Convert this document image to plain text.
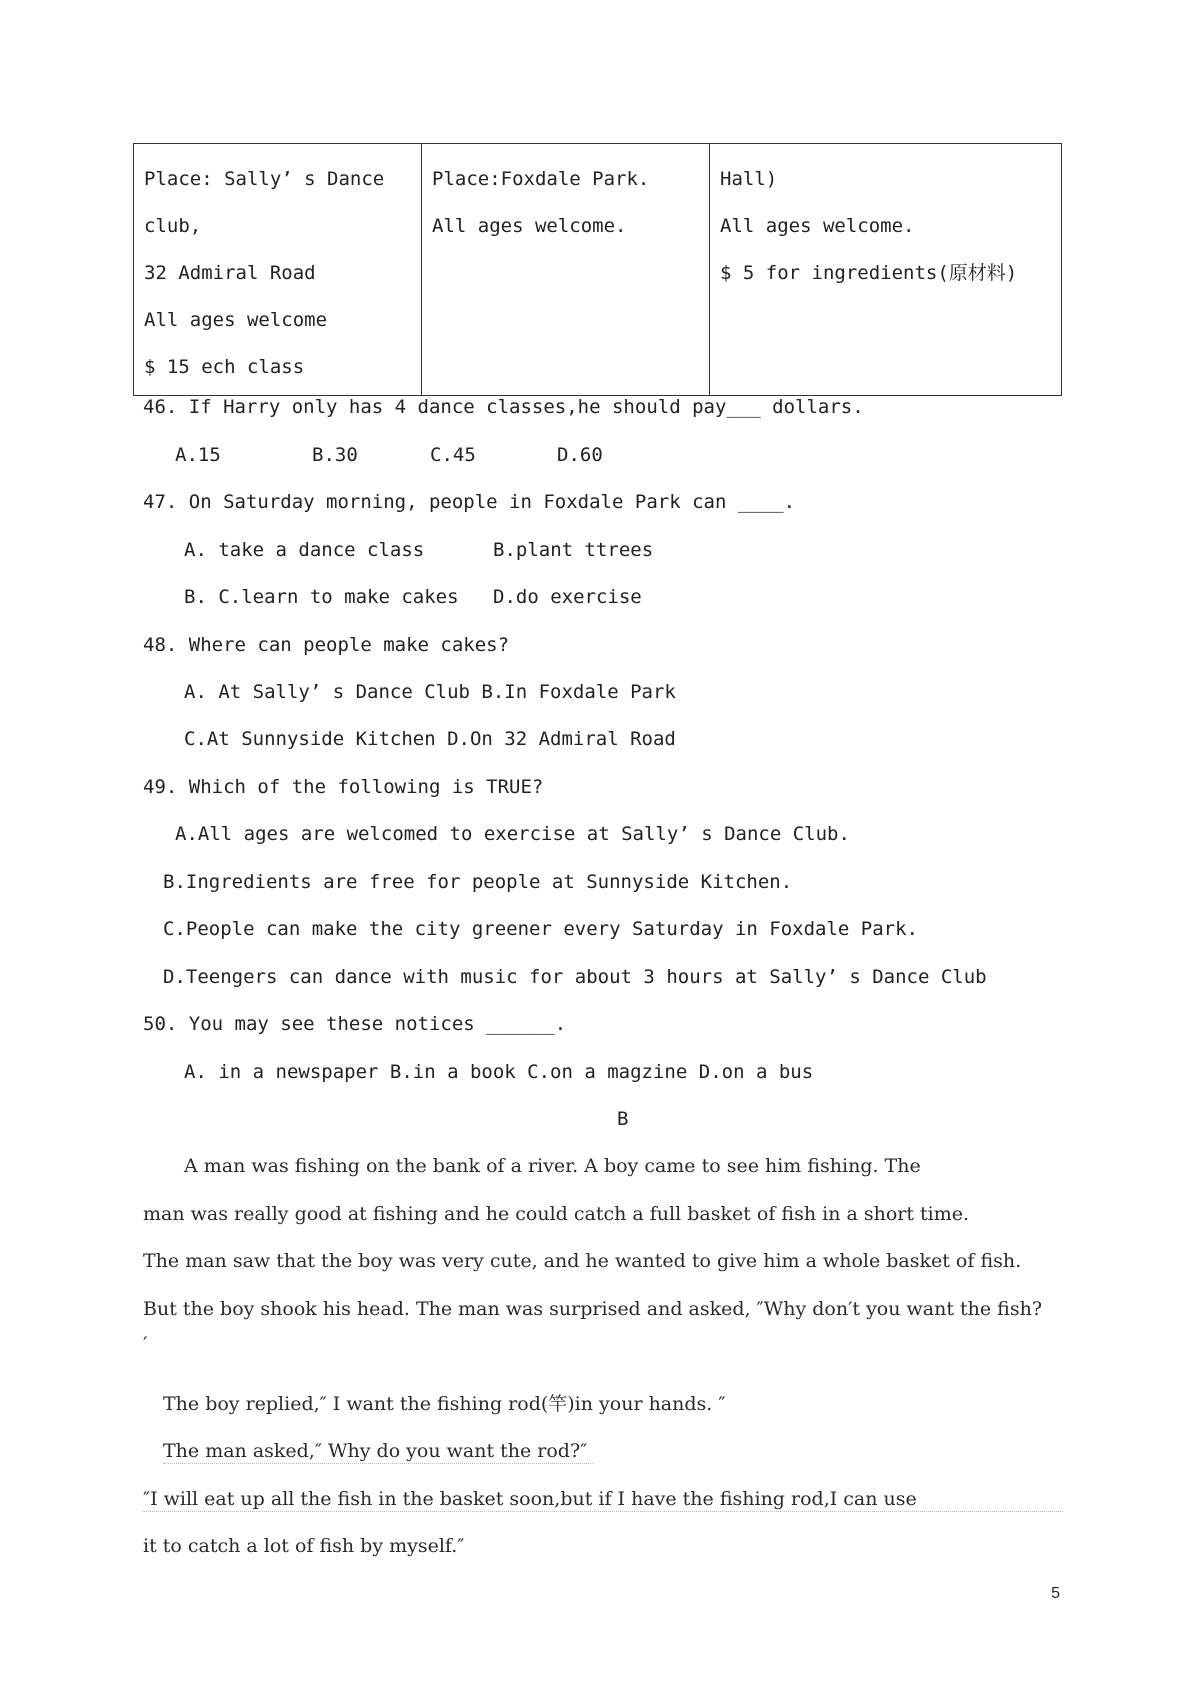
Place: Sally’ s Dance
club,
32 Admiral Road
All ages welcome
$ 15 ech class

Place:Foxdale Park.
All ages welcome.

Hall)
All ages welcome.
$ 5 for ingredients(原材料)
46. If Harry only has 4 dance classes,he should pay___ dollars.
A.15	B.30	C.45	D.60
47. On Saturday morning, people in Foxdale Park can ____.
A. take a dance class	B.plant ttrees
B. C.learn to make cakes D.do exercise
48. Where can people make cakes?
A. At Sally’ s Dance Club B.In Foxdale Park
C.At Sunnyside Kitchen D.On 32 Admiral Road
49. Which of the following is TRUE?
A.All ages are welcomed to exercise at Sally’ s Dance Club.
B.Ingredients are free for people at Sunnyside Kitchen.
C.People can make the city greener every Saturday in Foxdale Park.
D.Teengers can dance with music for about 3 hours at Sally’ s Dance Club
50. You may see these notices ______.
A. in a newspaper B.in a book C.on a magzine D.on a bus
B
A man was fishing on the bank of a river. A boy came to see him fishing. The
man was really good at fishing and he could catch a full basket of fish in a short time.
The man saw that the boy was very cute, and he wanted to give him a whole basket of fish.
But the boy shook his head. The man was surprised and asked, ″Why don′t you want the fish?
′
The boy replied,″ I want the fishing rod(竿)in your hands. ″
The man asked,″ Why do you want the rod?″
″I will eat up all the fish in the basket soon,but if I have the fishing rod,I can use
it to catch a lot of fish by myself.″
5
